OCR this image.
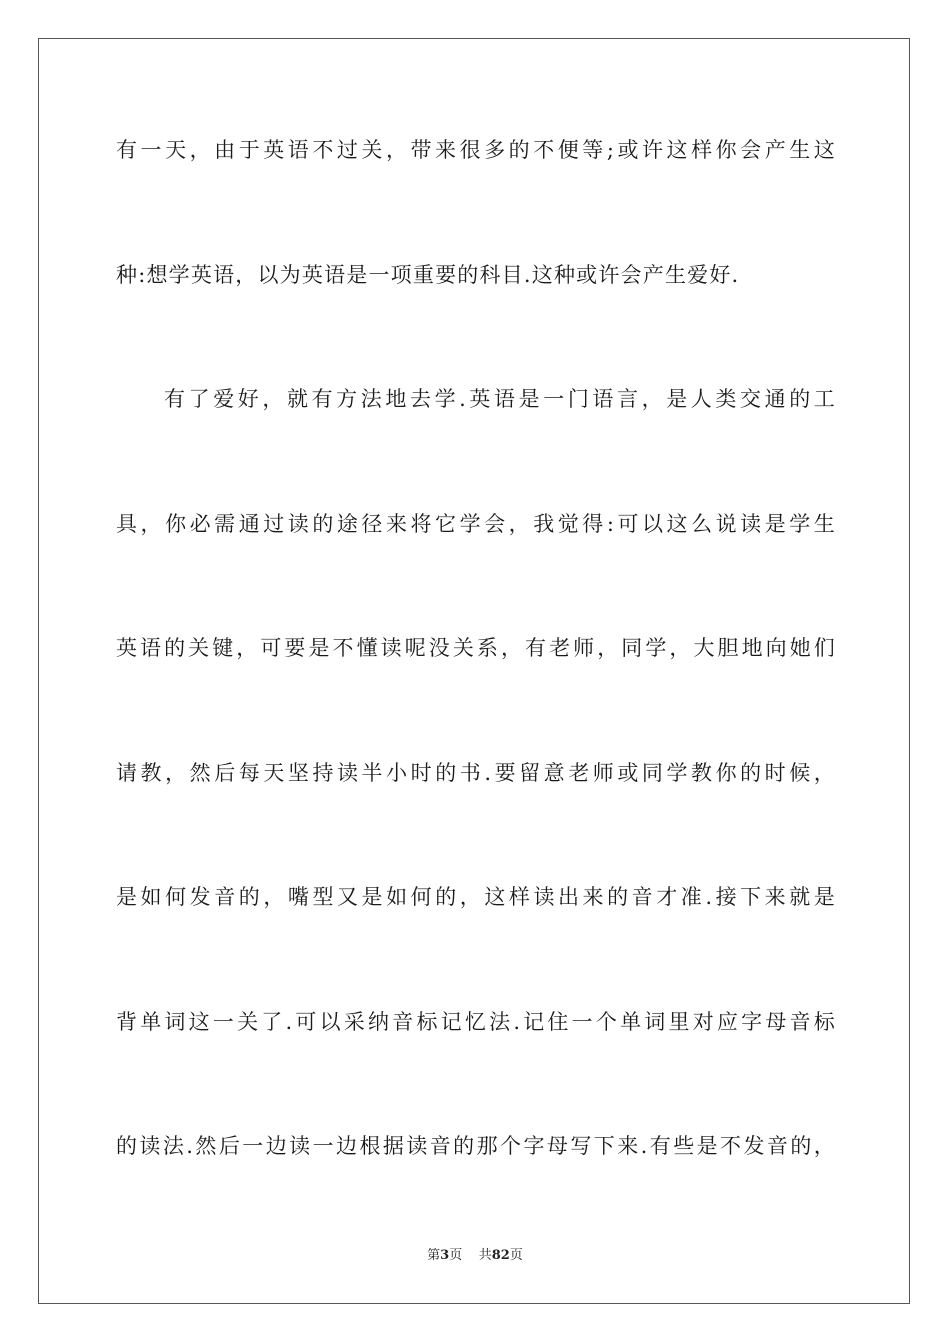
有一天，由于英语不过关，带来很多的不便等;或许这样你会产生这
种:想学英语，以为英语是一项重要的科目.这种或许会产生爱好.
有了爱好，就有方法地去学.英语是一门语言，是人类交通的工
具，你必需通过读的途径来将它学会，我觉得:可以这么说读是学生
英语的关键，可要是不懂读呢没关系，有老师，同学，大胆地向她们
请教，然后每天坚持读半小时的书.要留意老师或同学教你的时候，
是如何发音的，嘴型又是如何的，这样读出来的音才准.接下来就是
背单词这一关了.可以采纳音标记忆法.记住一个单词里对应字母音标
的读法.然后一边读一边根据读音的那个字母写下来.有些是不发音的，
第3页 共82页
